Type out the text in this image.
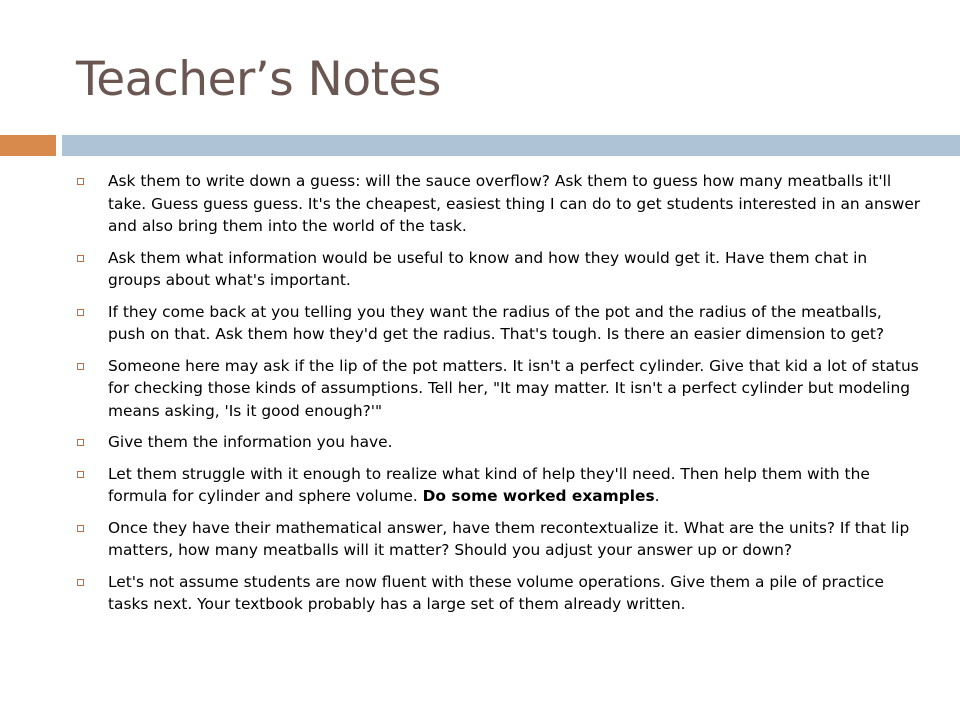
Teacher’s Notes
Ask them to write down a guess: will the sauce overflow? Ask them to guess how many meatballs it'll take. Guess guess guess. It's the cheapest, easiest thing I can do to get students interested in an answer and also bring them into the world of the task.
Ask them what information would be useful to know and how they would get it. Have them chat in groups about what's important.
If they come back at you telling you they want the radius of the pot and the radius of the meatballs, push on that. Ask them how they'd get the radius. That's tough. Is there an easier dimension to get?
Someone here may ask if the lip of the pot matters. It isn't a perfect cylinder. Give that kid a lot of status for checking those kinds of assumptions. Tell her, "It may matter. It isn't a perfect cylinder but modeling means asking, 'Is it good enough?'"
Give them the information you have.
Let them struggle with it enough to realize what kind of help they'll need. Then help them with the formula for cylinder and sphere volume. Do some worked examples.
Once they have their mathematical answer, have them recontextualize it. What are the units? If that lip matters, how many meatballs will it matter? Should you adjust your answer up or down?
Let's not assume students are now fluent with these volume operations. Give them a pile of practice tasks next. Your textbook probably has a large set of them already written.
